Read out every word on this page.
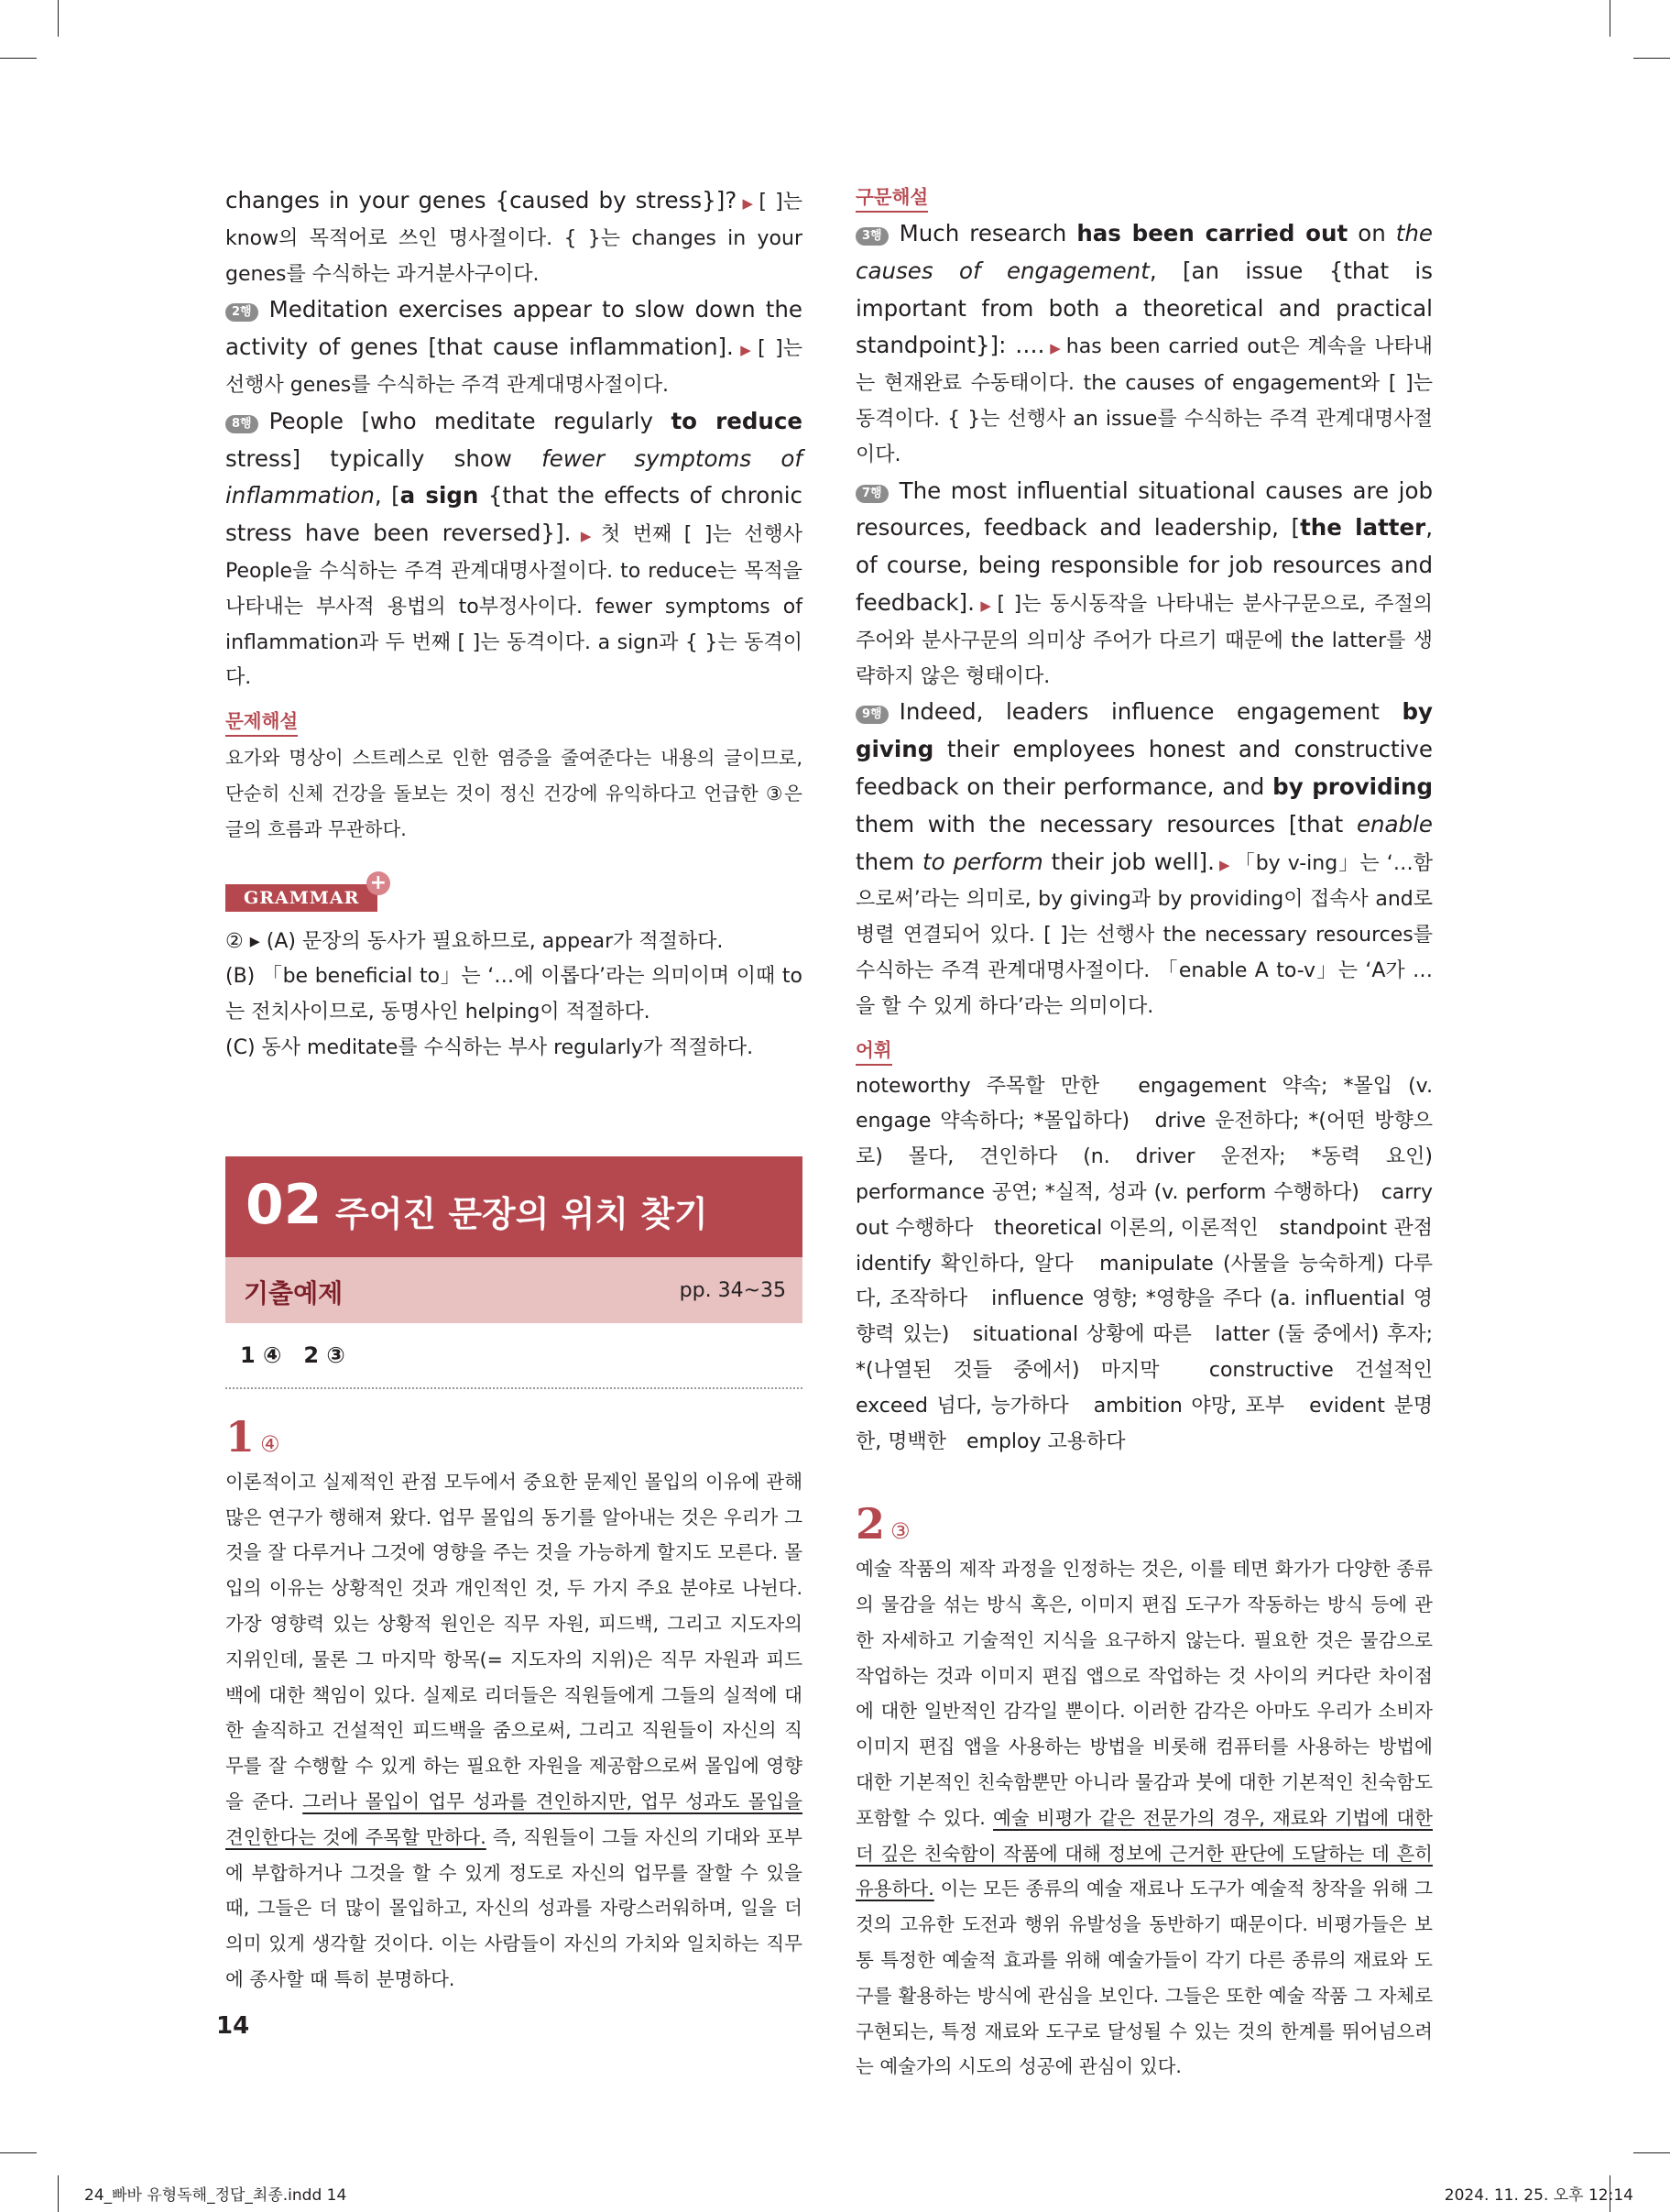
changes in your genes {caused by stress}]? ▶ [ ]는 know의 목적어로 쓰인 명사절이다. { }는 changes in your genes를 수식하는 과거분사구이다.

2행 Meditation exercises appear to slow down the activity of genes [that cause inflammation]. ▶ [ ]는 선행사 genes를 수식하는 주격 관계대명사절이다.

8행 People [who meditate regularly to reduce stress] typically show fewer symptoms of inflammation, [a sign {that the effects of chronic stress have been reversed}]. ▶ 첫 번째 [ ]는 선행사 People을 수식하는 주격 관계대명사절이다. to reduce는 목적을 나타내는 부사적 용법의 to부정사이다. fewer symptoms of inflammation과 두 번째 [ ]는 동격이다. a sign과 { }는 동격이다.

문제해설

요가와 명상이 스트레스로 인한 염증을 줄여준다는 내용의 글이므로, 단순히 신체 건강을 돌보는 것이 정신 건강에 유익하다고 언급한 ③은 글의 흐름과 무관하다.

GRAMMAR
+

② ▸ (A) 문장의 동사가 필요하므로, appear가 적절하다.

(B) 「be beneficial to」는 ‘…에 이롭다’라는 의미이며 이때 to는 전치사이므로, 동명사인 helping이 적절하다.

(C) 동사 meditate를 수식하는 부사 regularly가 적절하다.

02 주어진 문장의 위치 찾기
기출예제	pp. 34~35
1 ④　2 ③
1 ④

이론적이고 실제적인 관점 모두에서 중요한 문제인 몰입의 이유에 관해 많은 연구가 행해져 왔다. 업무 몰입의 동기를 알아내는 것은 우리가 그것을 잘 다루거나 그것에 영향을 주는 것을 가능하게 할지도 모른다. 몰입의 이유는 상황적인 것과 개인적인 것, 두 가지 주요 분야로 나뉜다. 가장 영향력 있는 상황적 원인은 직무 자원, 피드백, 그리고 지도자의 지위인데, 물론 그 마지막 항목(= 지도자의 지위)은 직무 자원과 피드백에 대한 책임이 있다. 실제로 리더들은 직원들에게 그들의 실적에 대한 솔직하고 건설적인 피드백을 줌으로써, 그리고 직원들이 자신의 직무를 잘 수행할 수 있게 하는 필요한 자원을 제공함으로써 몰입에 영향을 준다. 그러나 몰입이 업무 성과를 견인하지만, 업무 성과도 몰입을 견인한다는 것에 주목할 만하다. 즉, 직원들이 그들 자신의 기대와 포부에 부합하거나 그것을 할 수 있게 정도로 자신의 업무를 잘할 수 있을 때, 그들은 더 많이 몰입하고, 자신의 성과를 자랑스러워하며, 일을 더 의미 있게 생각할 것이다. 이는 사람들이 자신의 가치와 일치하는 직무에 종사할 때 특히 분명하다.

구문해설

3행 Much research has been carried out on the causes of engagement, [an issue {that is important from both a theoretical and practical standpoint}]: …. ▶ has been carried out은 계속을 나타내는 현재완료 수동태이다. the causes of engagement와 [ ]는 동격이다. { }는 선행사 an issue를 수식하는 주격 관계대명사절이다.

7행 The most influential situational causes are job resources, feedback and leadership, [the latter, of course, being responsible for job resources and feedback]. ▶ [ ]는 동시동작을 나타내는 분사구문으로, 주절의 주어와 분사구문의 의미상 주어가 다르기 때문에 the latter를 생략하지 않은 형태이다.

9행 Indeed, leaders influence engagement by giving their employees honest and constructive feedback on their performance, and by providing them with the necessary resources [that enable them to perform their job well]. ▶ 「by v-ing」는 ‘…함으로써’라는 의미로, by giving과 by providing이 접속사 and로 병렬 연결되어 있다. [ ]는 선행사 the necessary resources를 수식하는 주격 관계대명사절이다. 「enable A to-v」는 ‘A가 …을 할 수 있게 하다’라는 의미이다.

어휘

noteworthy 주목할 만한　engagement 약속; *몰입 (v. engage 약속하다; *몰입하다)　drive 운전하다; *(어떤 방향으로) 몰다, 견인하다 (n. driver 운전자; *동력 요인)　performance 공연; *실적, 성과 (v. perform 수행하다)　carry out 수행하다　theoretical 이론의, 이론적인　standpoint 관점　identify 확인하다, 알다　manipulate (사물을 능숙하게) 다루다, 조작하다　influence 영향; *영향을 주다 (a. influential 영향력 있는)　situational 상황에 따른　latter (둘 중에서) 후자; *(나열된 것들 중에서) 마지막　constructive 건설적인　exceed 넘다, 능가하다　ambition 야망, 포부　evident 분명한, 명백한　employ 고용하다

2 ③

예술 작품의 제작 과정을 인정하는 것은, 이를 테면 화가가 다양한 종류의 물감을 섞는 방식 혹은, 이미지 편집 도구가 작동하는 방식 등에 관한 자세하고 기술적인 지식을 요구하지 않는다. 필요한 것은 물감으로 작업하는 것과 이미지 편집 앱으로 작업하는 것 사이의 커다란 차이점에 대한 일반적인 감각일 뿐이다. 이러한 감각은 아마도 우리가 소비자 이미지 편집 앱을 사용하는 방법을 비롯해 컴퓨터를 사용하는 방법에 대한 기본적인 친숙함뿐만 아니라 물감과 붓에 대한 기본적인 친숙함도 포함할 수 있다. 예술 비평가 같은 전문가의 경우, 재료와 기법에 대한 더 깊은 친숙함이 작품에 대해 정보에 근거한 판단에 도달하는 데 흔히 유용하다. 이는 모든 종류의 예술 재료나 도구가 예술적 창작을 위해 그것의 고유한 도전과 행위 유발성을 동반하기 때문이다. 비평가들은 보통 특정한 예술적 효과를 위해 예술가들이 각기 다른 종류의 재료와 도구를 활용하는 방식에 관심을 보인다. 그들은 또한 예술 작품 그 자체로 구현되는, 특정 재료와 도구로 달성될 수 있는 것의 한계를 뛰어넘으려는 예술가의 시도의 성공에 관심이 있다.

14
24_빠바 유형독해_정답_최종.indd 14	2024. 11. 25. 오후 12:14
